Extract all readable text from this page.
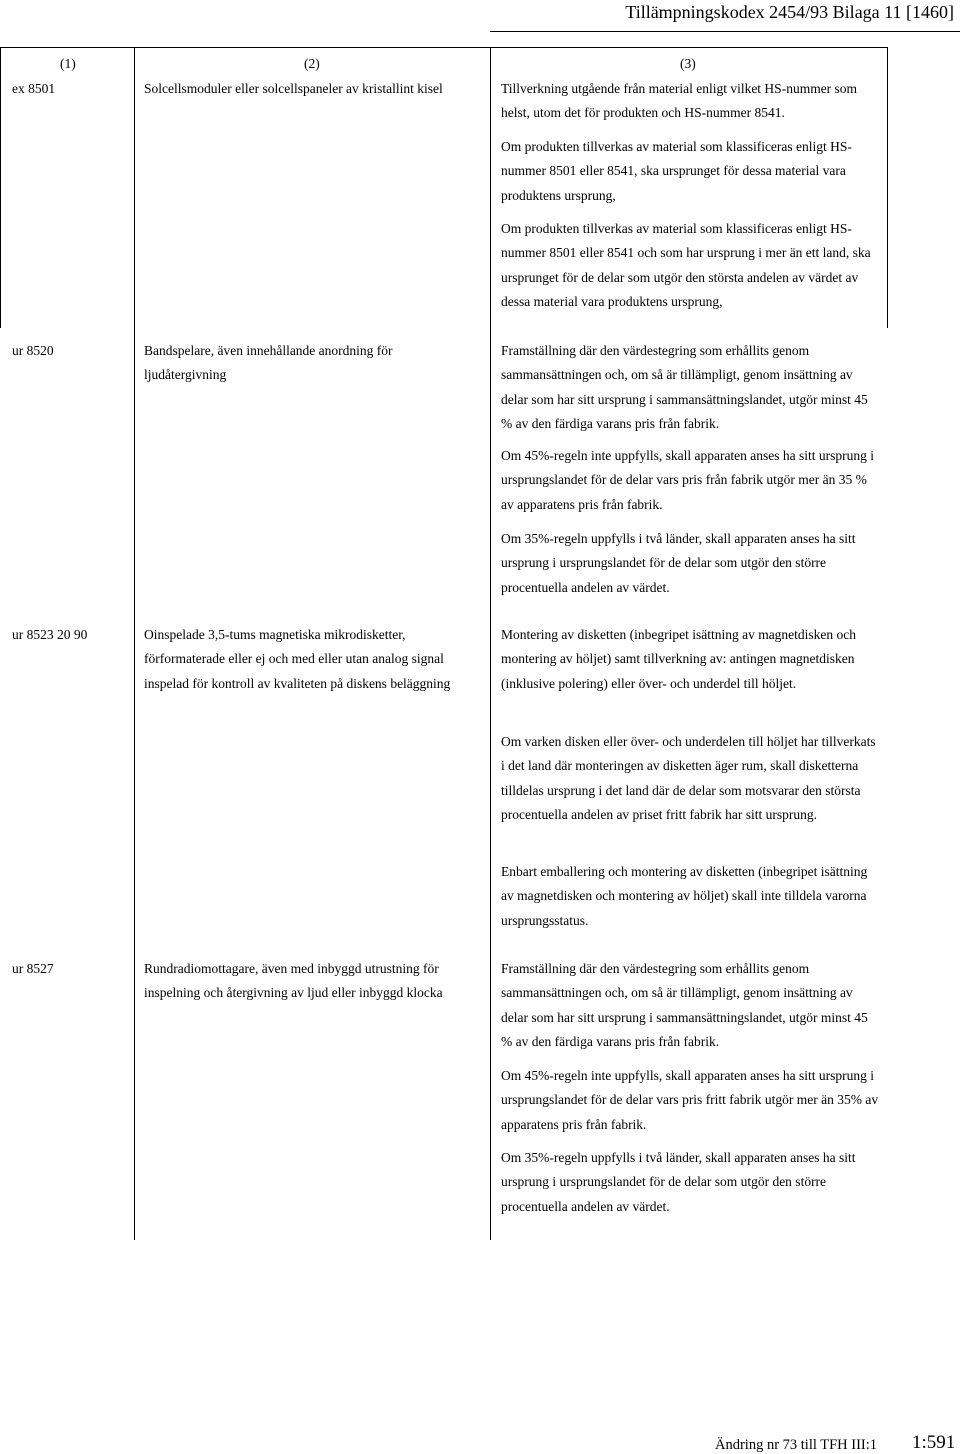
Tillämpningskodex 2454/93 Bilaga 11 [1460]
(1)	(2)	(3)
ex 8501	Solcellsmoduler eller solcellspaneler av kristallint kisel	Tillverkning utgående från material enligt vilket HS-nummer som helst, utom det för produkten och HS-nummer 8541.
Om produkten tillverkas av material som klassificeras enligt HS-nummer 8501 eller 8541, ska ursprunget för dessa material vara produktens ursprung,
Om produkten tillverkas av material som klassificeras enligt HS-nummer 8501 eller 8541 och som har ursprung i mer än ett land, ska ursprunget för de delar som utgör den största andelen av värdet av dessa material vara produktens ursprung,
ur 8520	Bandspelare, även innehållande anordning för ljudåtergivning
Framställning där den värdestegring som erhållits genom sammansättningen och, om så är tillämpligt, genom insättning av delar som har sitt ursprung i sammansättningslandet, utgör minst 45 % av den färdiga varans pris från fabrik.
Om 45%-regeln inte uppfylls, skall apparaten anses ha sitt ursprung i ursprungslandet för de delar vars pris från fabrik utgör mer än 35 % av apparatens pris från fabrik.
Om 35%-regeln uppfylls i två länder, skall apparaten anses ha sitt ursprung i ursprungslandet för de delar som utgör den större procentuella andelen av värdet.
ur 8523 20 90	Oinspelade 3,5-tums magnetiska mikrodisketter, förformaterade eller ej och med eller utan analog signal inspelad för kontroll av kvaliteten på diskens beläggning
Montering av disketten (inbegripet isättning av magnetdisken och montering av höljet) samt tillverkning av: antingen magnetdisken (inklusive polering) eller över- och underdel till höljet.
Om varken disken eller över- och underdelen till höljet har tillverkats i det land där monteringen av disketten äger rum, skall disketterna tilldelas ursprung i det land där de delar som motsvarar den största procentuella andelen av priset fritt fabrik har sitt ursprung.
Enbart emballering och montering av disketten (inbegripet isättning av magnetdisken och montering av höljet) skall inte tilldela varorna ursprungsstatus.
ur 8527	Rundradiomottagare, även med inbyggd utrustning för inspelning och återgivning av ljud eller inbyggd klocka
Framställning där den värdestegring som erhållits genom sammansättningen och, om så är tillämpligt, genom insättning av delar som har sitt ursprung i sammansättningslandet, utgör minst 45 % av den färdiga varans pris från fabrik.
Om 45%-regeln inte uppfylls, skall apparaten anses ha sitt ursprung i ursprungslandet för de delar vars pris fritt fabrik utgör mer än 35% av apparatens pris från fabrik.
Om 35%-regeln uppfylls i två länder, skall apparaten anses ha sitt ursprung i ursprungslandet för de delar som utgör den större procentuella andelen av värdet.
Ändring nr 73 till TFH III:1 1:591
